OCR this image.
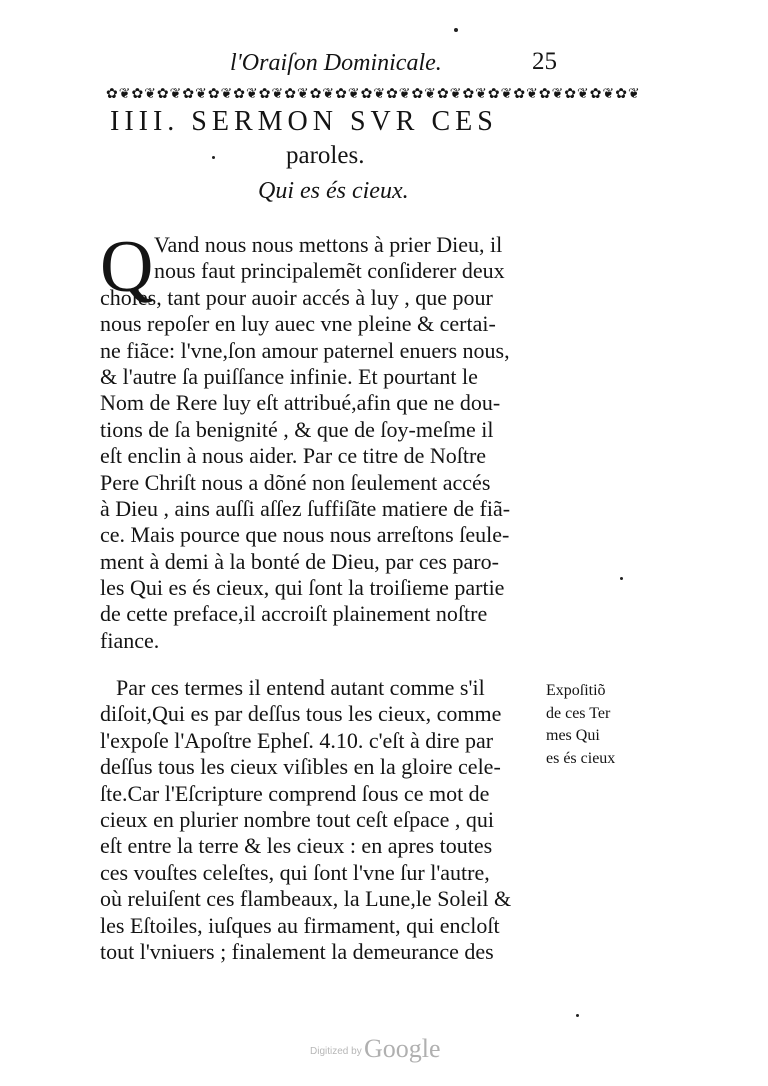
l'Oraiſon Dominicale.	25
✿❦✿❦✿❦✿❦✿❦✿❦✿❦✿❦✿❦✿❦✿❦✿❦✿❦✿❦✿❦✿❦✿❦✿❦✿❦✿❦✿❦
IIII. SERMON SVR CES
paroles.
Qui es és cieux.
Q Vand nous nous mettons à prier Dieu, il
nous faut principalemẽt conſiderer deux
choſes, tant pour auoir accés à luy , que pour
nous repoſer en luy auec vne pleine & certai-
ne fiãce: l'vne,ſon amour paternel enuers nous,
& l'autre ſa puiſſance infinie. Et pourtant le
Nom de Rere luy eſt attribué,afin que ne dou-
tions de ſa benignité , & que de ſoy-meſme il
eſt enclin à nous aider. Par ce titre de Noſtre
Pere Chriſt nous a dõné non ſeulement accés
à Dieu , ains auſſi aſſez ſuffiſãte matiere de fiã-
ce. Mais pource que nous nous arreſtons ſeule-
ment à demi à la bonté de Dieu, par ces paro-
les Qui es és cieux, qui ſont la troiſieme partie
de cette preface,il accroiſt plainement noſtre
fiance.
Par ces termes il entend autant comme s'il
diſoit,Qui es par deſſus tous les cieux, comme
l'expoſe l'Apoſtre Epheſ. 4.10. c'eſt à dire par
deſſus tous les cieux viſibles en la gloire cele-
ſte.Car l'Eſcripture comprend ſous ce mot de
cieux en plurier nombre tout ceſt eſpace , qui
eſt entre la terre & les cieux : en apres toutes
ces vouſtes celeſtes, qui ſont l'vne ſur l'autre,
où reluiſent ces flambeaux, la Lune,le Soleil &
les Eſtoiles, iuſques au firmament, qui encloſt
tout l'vniuers ; finalement la demeurance des
Expoſitiõ
de ces Ter
mes Qui
es és cieux
Digitized by Google
